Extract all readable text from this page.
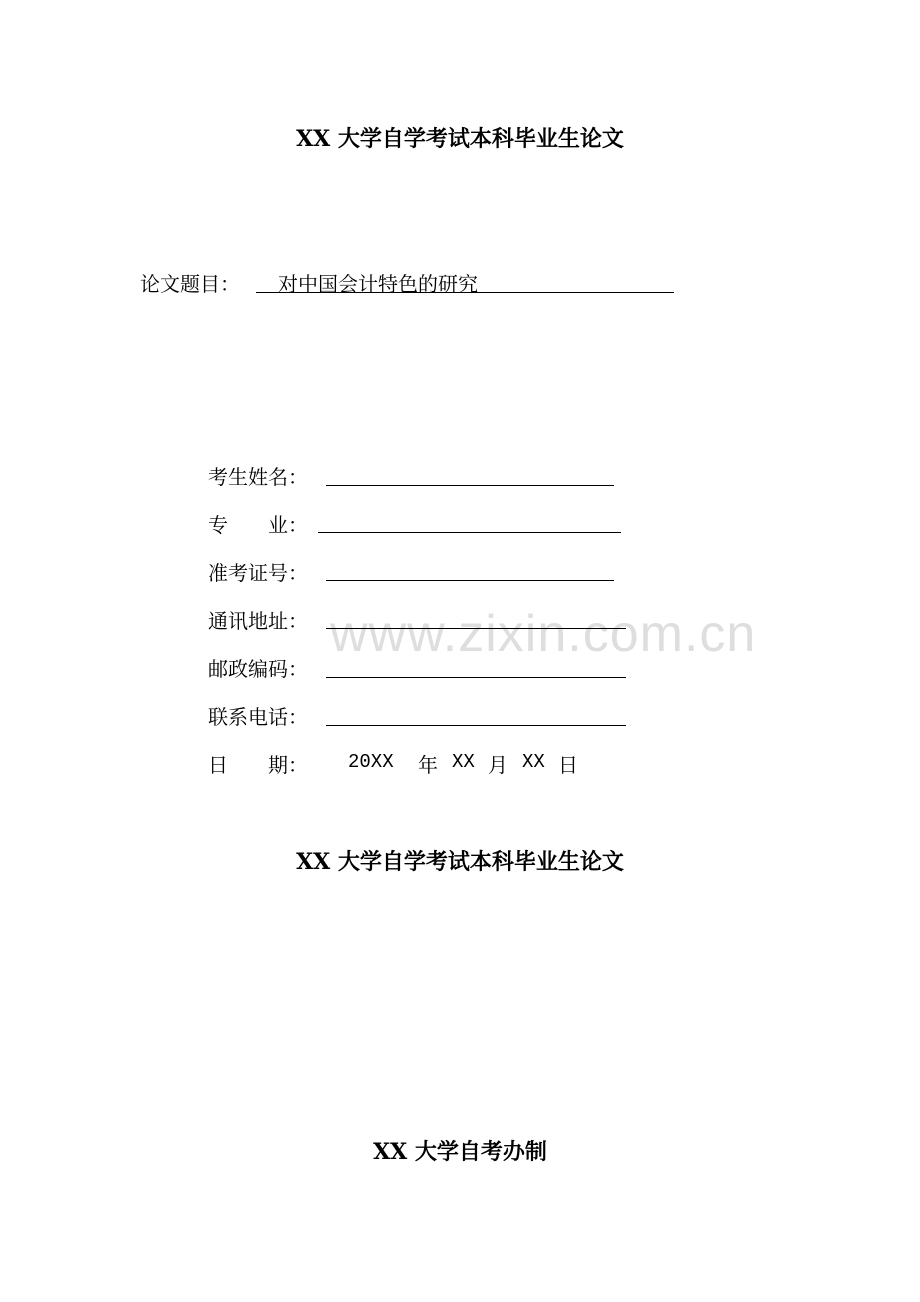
XX 大学自学考试本科毕业生论文
论文题目： 对中国会计特色的研究
考生姓名：
专　　业：
准考证号：
通讯地址：
邮政编码：
联系电话：
日　　期： 20XX 年 XX 月 XX 日
www.zixin.com.cn
XX 大学自学考试本科毕业生论文
XX 大学自考办制
